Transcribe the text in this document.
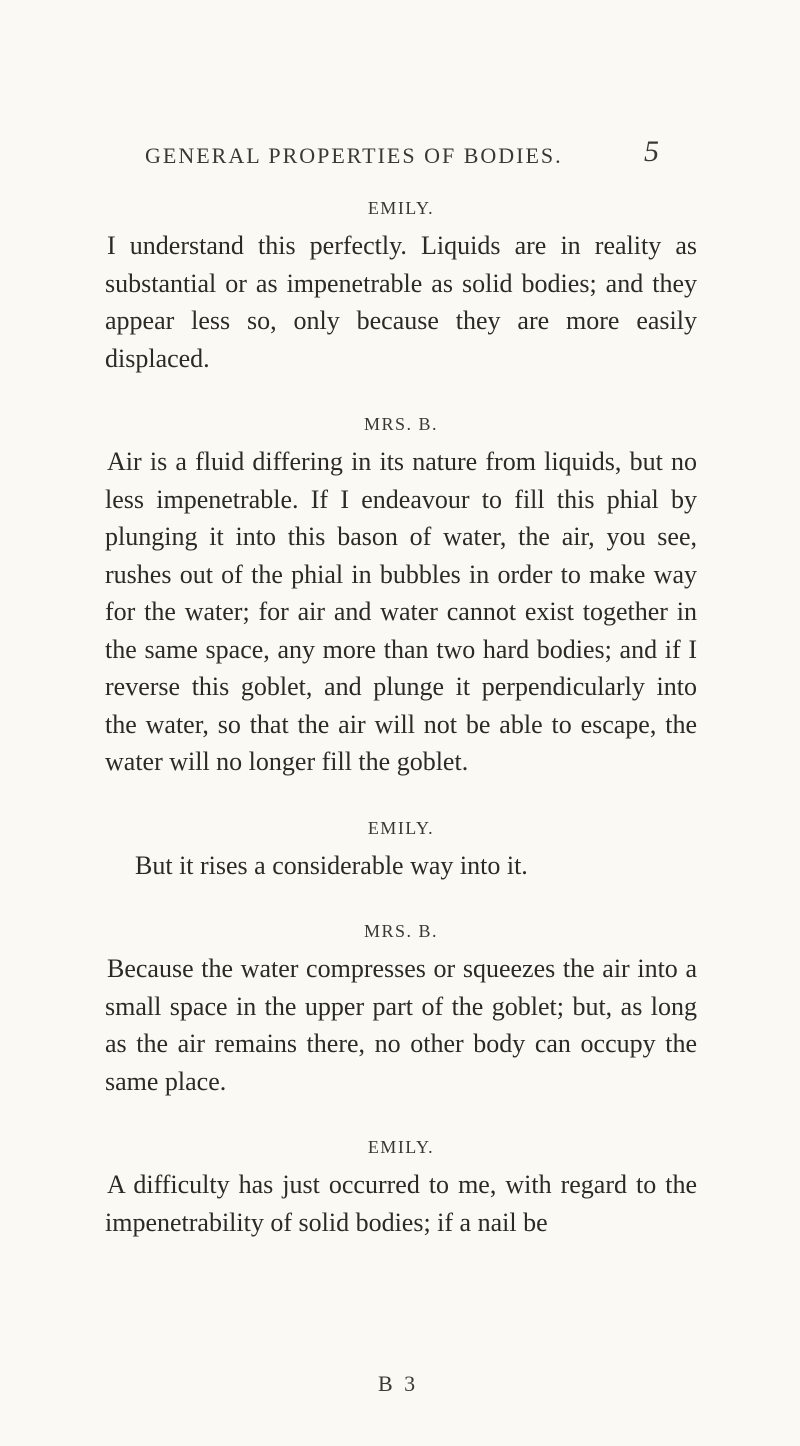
GENERAL PROPERTIES OF BODIES.	5
EMILY.

I understand this perfectly. Liquids are in reality as substantial or as impenetrable as solid bodies; and they appear less so, only because they are more easily displaced.

MRS. B.

Air is a fluid differing in its nature from liquids, but no less impenetrable. If I endeavour to fill this phial by plunging it into this bason of water, the air, you see, rushes out of the phial in bubbles in order to make way for the water; for air and water cannot exist together in the same space, any more than two hard bodies; and if I reverse this goblet, and plunge it perpendicularly into the water, so that the air will not be able to escape, the water will no longer fill the goblet.

EMILY.

But it rises a considerable way into it.

MRS. B.

Because the water compresses or squeezes the air into a small space in the upper part of the goblet; but, as long as the air remains there, no other body can occupy the same place.

EMILY.

A difficulty has just occurred to me, with regard to the impenetrability of solid bodies; if a nail be

B 3
